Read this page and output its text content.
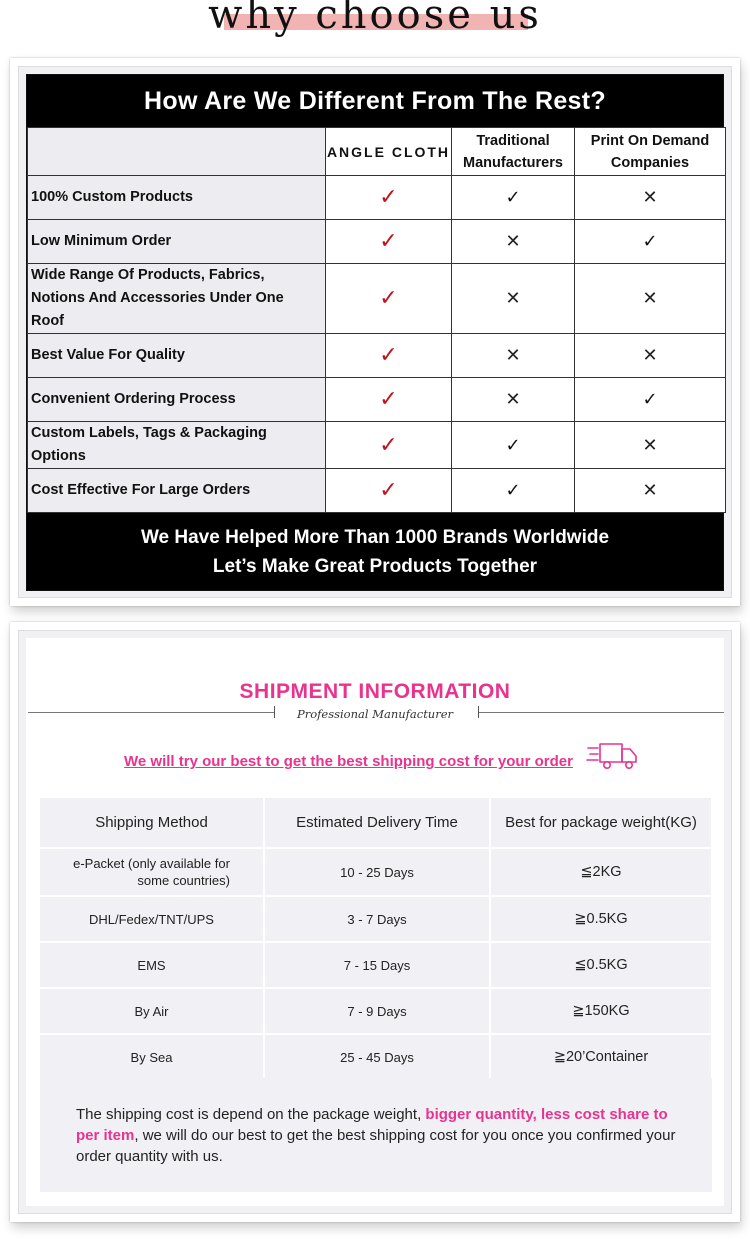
why choose us
How Are We Different From The Rest?
	ANGLE CLOTH	Traditional Manufacturers	Print On Demand Companies
100% Custom Products	✓	✓	✕
Low Minimum Order	✓	✕	✓
Wide Range Of Products, Fabrics, Notions And Accessories Under One Roof	✓	✕	✕
Best Value For Quality	✓	✕	✕
Convenient Ordering Process	✓	✕	✓
Custom Labels, Tags & Packaging Options	✓	✓	✕
Cost Effective For Large Orders	✓	✓	✕
We Have Helped More Than 1000 Brands Worldwide
Let’s Make Great Products Together
SHIPMENT INFORMATION
Professional Manufacturer
We will try our best to get the best shipping cost for your order
Shipping Method	Estimated Delivery Time	Best for package weight(KG)
e-Packet (only available for
some countries)	10 - 25 Days	≦2KG
DHL/Fedex/TNT/UPS	3 - 7 Days	≧0.5KG
EMS	7 - 15 Days	≦0.5KG
By Air	7 - 9 Days	≧150KG
By Sea	25 - 45 Days	≧20’Container
The shipping cost is depend on the package weight, bigger quantity, less cost share to per item, we will do our best to get the best shipping cost for you once you confirmed your order quantity with us.
